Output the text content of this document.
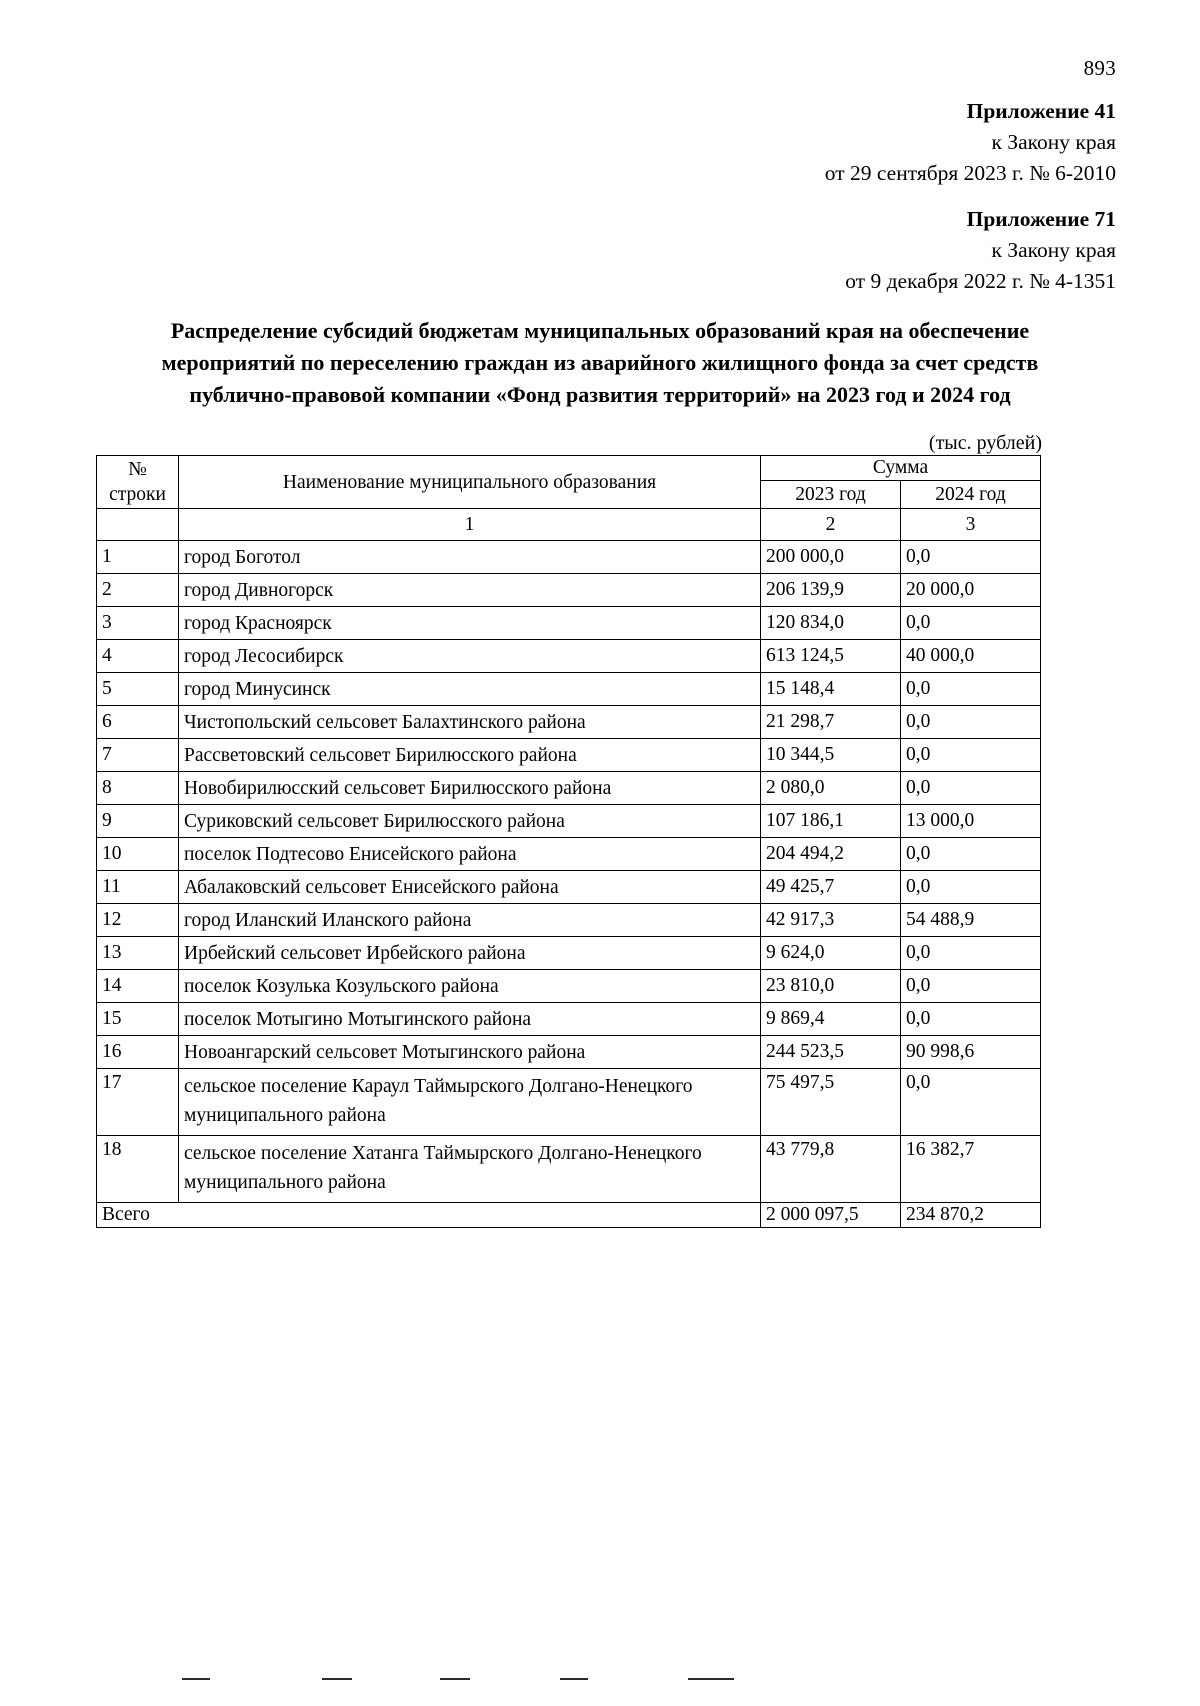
893
Приложение 41
к Закону края
от 29 сентября 2023 г. № 6-2010
Приложение 71
к Закону края
от 9 декабря 2022 г. № 4-1351
Распределение субсидий бюджетам муниципальных образований края на обеспечение
мероприятий по переселению граждан из аварийного жилищного фонда за счет средств
публично-правовой компании «Фонд развития территорий» на 2023 год и 2024 год
(тыс. рублей)
№
строки	Наименование муниципального образования	Сумма	
		2023 год	2024 год
	1	2	3
1	город Боготол	200 000,0	0,0
2	город Дивногорск	206 139,9	20 000,0
3	город Красноярск	120 834,0	0,0
4	город Лесосибирск	613 124,5	40 000,0
5	город Минусинск	15 148,4	0,0
6	Чистопольский сельсовет Балахтинского района	21 298,7	0,0
7	Рассветовский сельсовет Бирилюсского района	10 344,5	0,0
8	Новобирилюсский сельсовет Бирилюсского района	2 080,0	0,0
9	Суриковский сельсовет Бирилюсского района	107 186,1	13 000,0
10	поселок Подтесово Енисейского района	204 494,2	0,0
11	Абалаковский сельсовет Енисейского района	49 425,7	0,0
12	город Иланский Иланского района	42 917,3	54 488,9
13	Ирбейский сельсовет Ирбейского района	9 624,0	0,0
14	поселок Козулька Козульского района	23 810,0	0,0
15	поселок Мотыгино Мотыгинского района	9 869,4	0,0
16	Новоангарский сельсовет Мотыгинского района	244 523,5	90 998,6
17	сельское поселение Караул Таймырского Долгано-Ненецкого муниципального района	75 497,5	0,0
18	сельское поселение Хатанга Таймырского Долгано-Ненецкого муниципального района	43 779,8	16 382,7
Всего		2 000 097,5	234 870,2
